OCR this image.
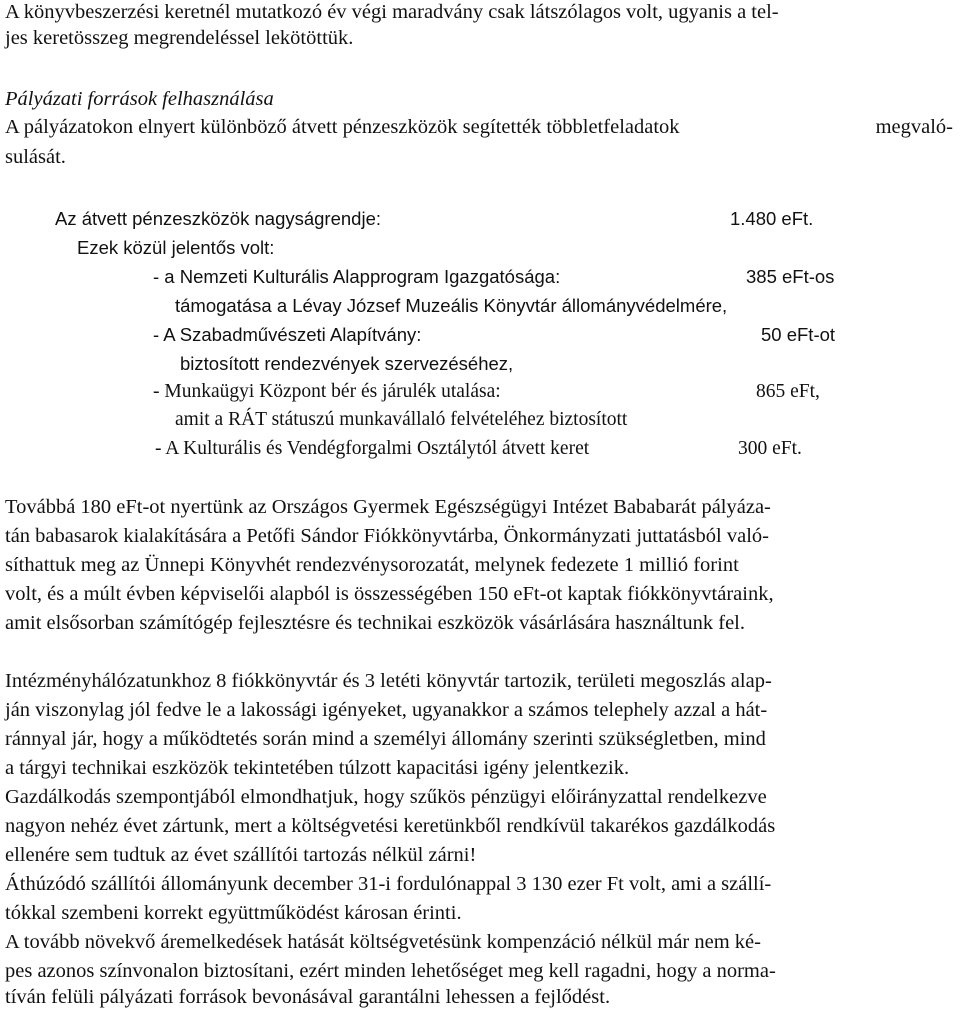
A könyvbeszerzési keretnél mutatkozó év végi maradvány csak látszólagos volt, ugyanis a tel-
jes keretösszeg megrendeléssel lekötöttük.
Pályázati források felhasználása
A pályázatokon elnyert különböző átvett pénzeszközök segítették többletfeladatok	megvaló-
sulását.
Az átvett pénzeszközök nagyságrendje:	1.480 eFt.
Ezek közül jelentős volt:
- a Nemzeti Kulturális Alapprogram Igazgatósága:	385 eFt-os
támogatása a Lévay József Muzeális Könyvtár állományvédelmére,
- A Szabadművészeti Alapítvány:	50 eFt-ot
biztosított rendezvények szervezéséhez,
- Munkaügyi Központ bér és járulék utalása:	865 eFt,
amit a RÁT státuszú munkavállaló felvételéhez biztosított
- A Kulturális és Vendégforgalmi Osztálytól átvett keret	300 eFt.
Továbbá 180 eFt-ot nyertünk az Országos Gyermek Egészségügyi Intézet Bababarát pályáza-
tán babasarok kialakítására a Petőfi Sándor Fiókkönyvtárba, Önkormányzati juttatásból való-
síthattuk meg az Ünnepi Könyvhét rendezvénysorozatát, melynek fedezete 1 millió forint
volt, és a múlt évben képviselői alapból is összességében 150 eFt-ot kaptak fiókkönyvtáraink,
amit elsősorban számítógép fejlesztésre és technikai eszközök vásárlására használtunk fel.
Intézményhálózatunkhoz 8 fiókkönyvtár és 3 letéti könyvtár tartozik, területi megoszlás alap-
ján viszonylag jól fedve le a lakossági igényeket, ugyanakkor a számos telephely azzal a hát-
ránnyal jár, hogy a működtetés során mind a személyi állomány szerinti szükségletben, mind
a tárgyi technikai eszközök tekintetében túlzott kapacitási igény jelentkezik.
Gazdálkodás szempontjából elmondhatjuk, hogy szűkös pénzügyi előirányzattal rendelkezve
nagyon nehéz évet zártunk, mert a költségvetési keretünkből rendkívül takarékos gazdálkodás
ellenére sem tudtuk az évet szállítói tartozás nélkül zárni!
Áthúzódó szállítói állományunk december 31-i fordulónappal 3 130 ezer Ft volt, ami a szállí-
tókkal szembeni korrekt együttműködést károsan érinti.
A tovább növekvő áremelkedések hatását költségvetésünk kompenzáció nélkül már nem ké-
pes azonos színvonalon biztosítani, ezért minden lehetőséget meg kell ragadni, hogy a norma-
tíván felüli pályázati források bevonásával garantálni lehessen a fejlődést.
